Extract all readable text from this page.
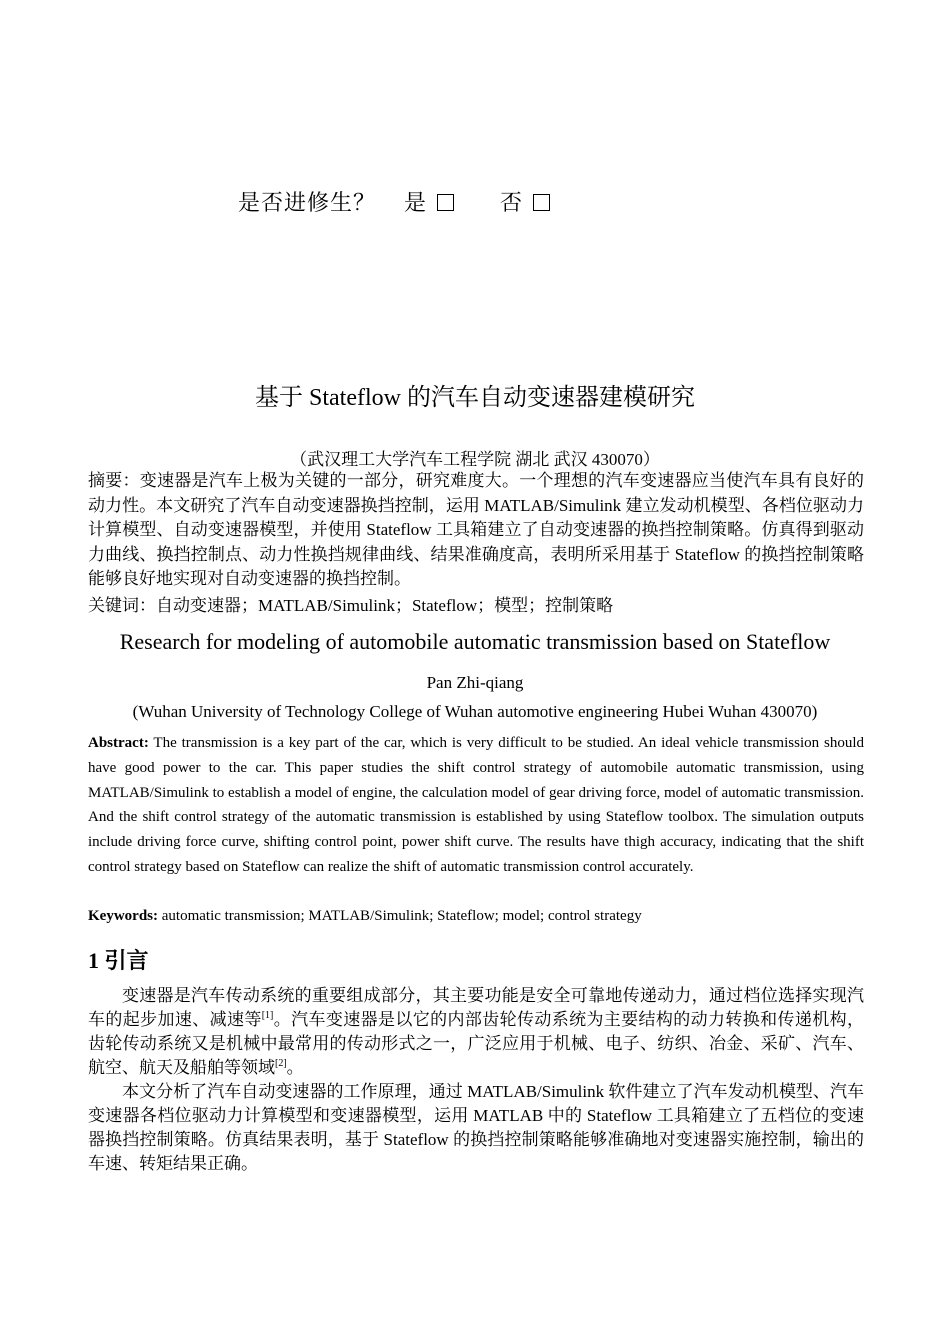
是否进修生？ 是	否
基于 Stateflow 的汽车自动变速器建模研究
（武汉理工大学汽车工程学院 湖北 武汉 430070）

摘要：变速器是汽车上极为关键的一部分，研究难度大。一个理想的汽车变速器应当使汽车具有良好的动力性。本文研究了汽车自动变速器换挡控制，运用 MATLAB/Simulink 建立发动机模型、各档位驱动力计算模型、自动变速器模型，并使用 Stateflow 工具箱建立了自动变速器的换挡控制策略。仿真得到驱动力曲线、换挡控制点、动力性换挡规律曲线、结果准确度高，表明所采用基于 Stateflow 的换挡控制策略能够良好地实现对自动变速器的换挡控制。

关键词：自动变速器；MATLAB/Simulink；Stateflow；模型；控制策略

Research for modeling of automobile automatic transmission based on Stateflow
Pan Zhi-qiang
(Wuhan University of Technology College of Wuhan automotive engineering Hubei Wuhan 430070)

Abstract: The transmission is a key part of the car, which is very difficult to be studied. An ideal vehicle transmission should have good power to the car. This paper studies the shift control strategy of automobile automatic transmission, using MATLAB/Simulink to establish a model of engine, the calculation model of gear driving force, model of automatic transmission. And the shift control strategy of the automatic transmission is established by using Stateflow toolbox. The simulation outputs include driving force curve, shifting control point, power shift curve. The results have thigh accuracy, indicating that the shift control strategy based on Stateflow can realize the shift of automatic transmission control accurately.

Keywords: automatic transmission; MATLAB/Simulink; Stateflow; model; control strategy

1 引言

变速器是汽车传动系统的重要组成部分，其主要功能是安全可靠地传递动力，通过档位选择实现汽车的起步加速、减速等[1]。汽车变速器是以它的内部齿轮传动系统为主要结构的动力转换和传递机构，齿轮传动系统又是机械中最常用的传动形式之一，广泛应用于机械、电子、纺织、冶金、采矿、汽车、航空、航天及船舶等领域[2]。

本文分析了汽车自动变速器的工作原理，通过 MATLAB/Simulink 软件建立了汽车发动机模型、汽车变速器各档位驱动力计算模型和变速器模型，运用 MATLAB 中的 Stateflow 工具箱建立了五档位的变速器换挡控制策略。仿真结果表明，基于 Stateflow 的换挡控制策略能够准确地对变速器实施控制，输出的车速、转矩结果正确。
